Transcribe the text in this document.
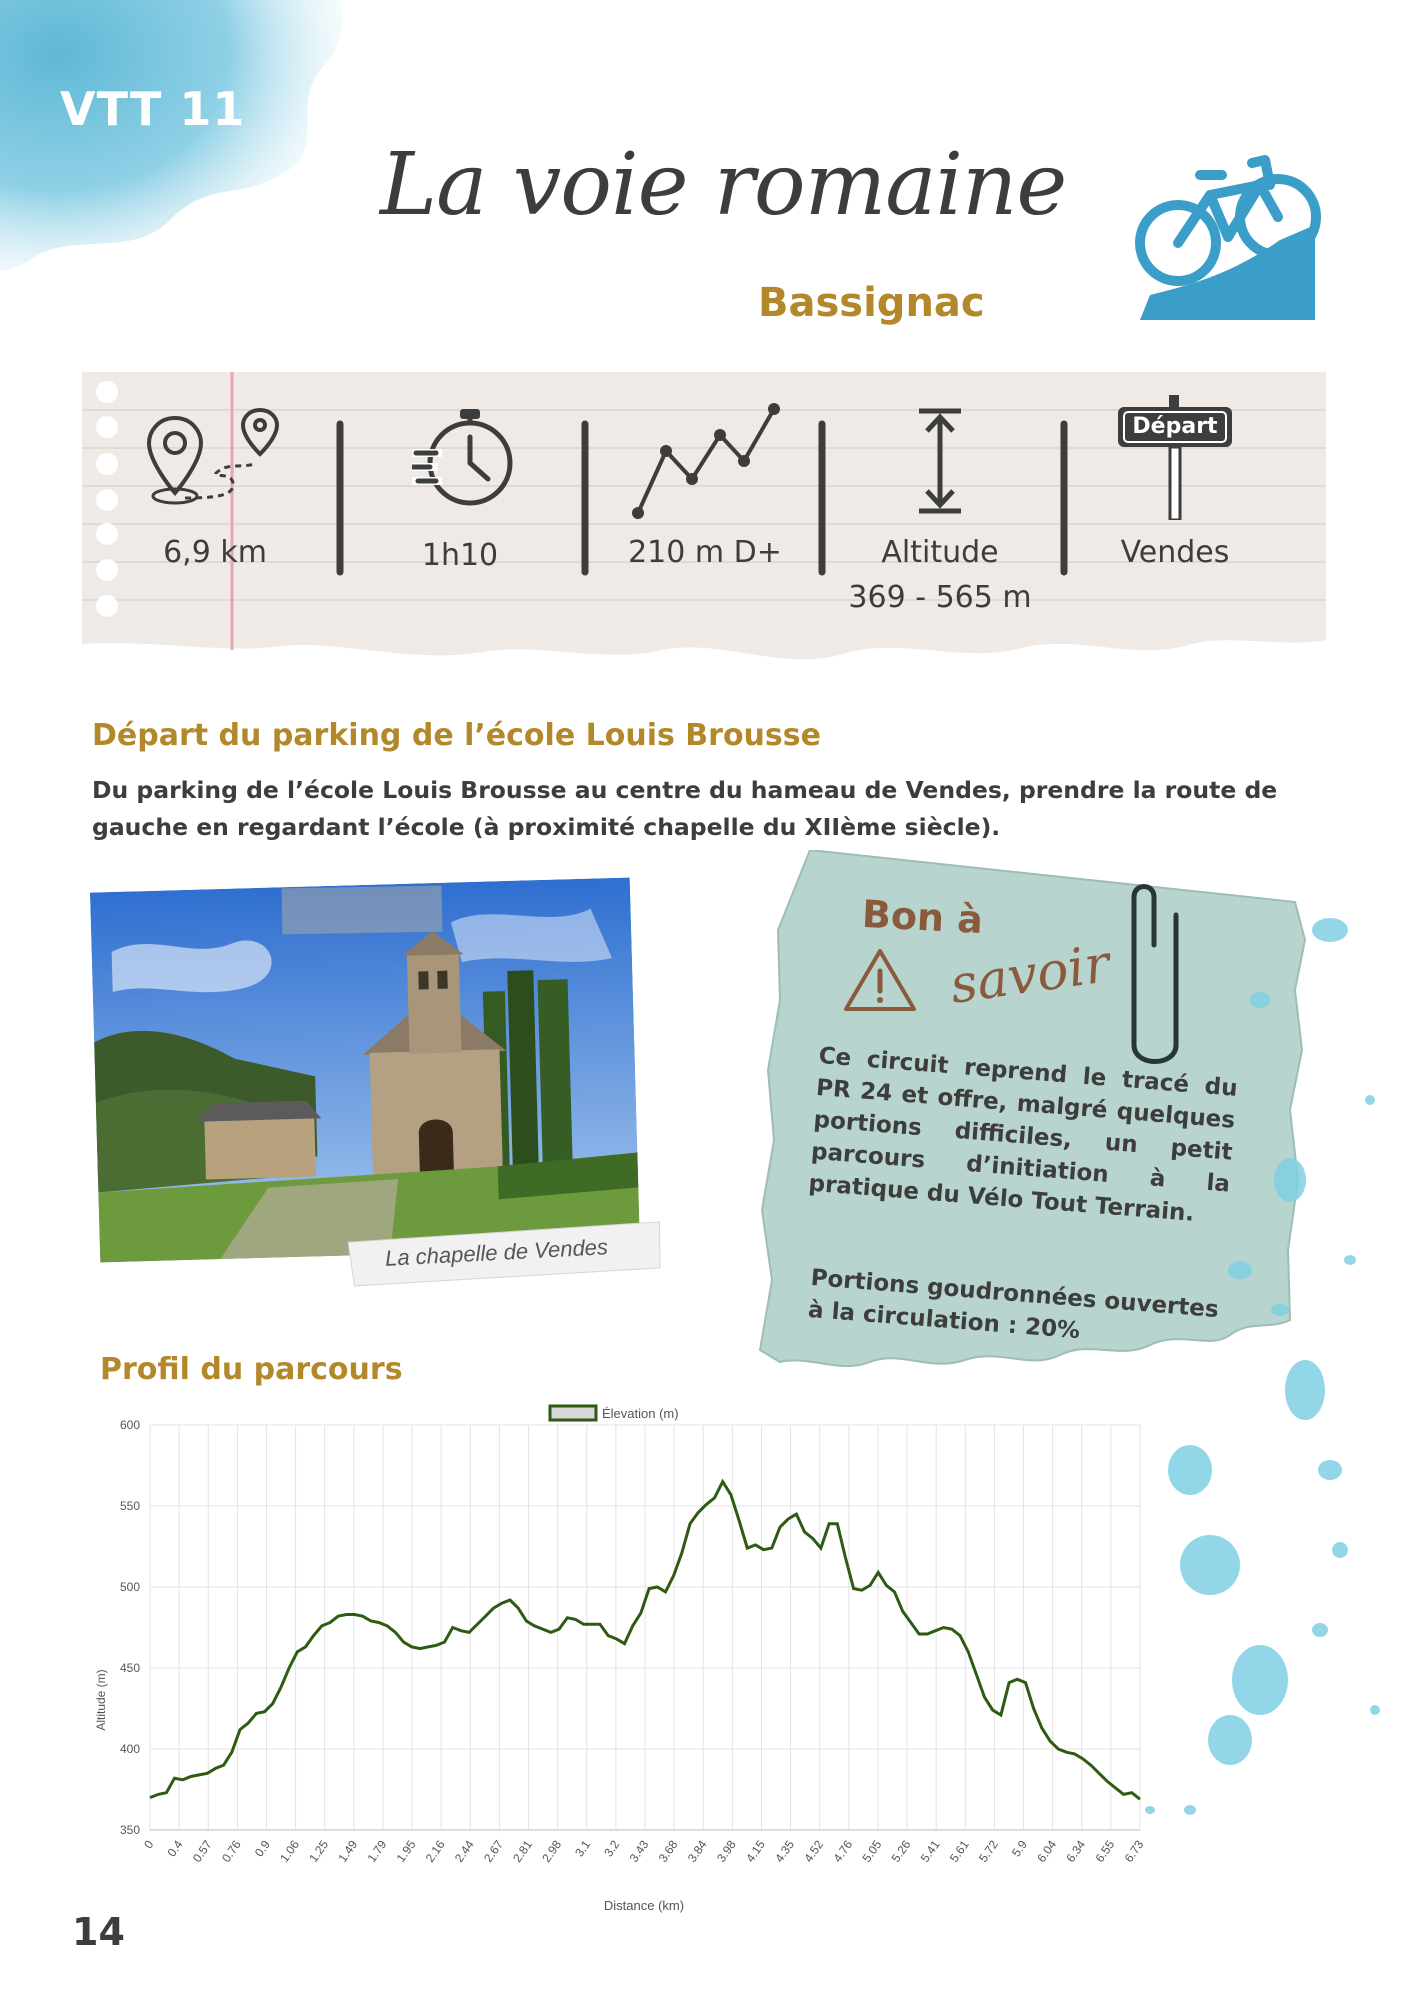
VTT 11
La voie romaine
Bassignac
6,9 km	1h10	210 m D+	Altitude
369 - 565 m
Départ
Vendes
Départ du parking de l’école Louis Brousse
Du parking de l’école Louis Brousse au centre du hameau de Vendes, prendre la route de gauche en regardant l’école (à proximité chapelle du XIIème siècle).
La chapelle de Vendes
Bon à
savoir
Ce circuit reprend le tracé du PR 24 et offre, malgré quelques portions difficiles, un petit parcours d’initiation à la pratique du Vélo Tout Terrain.
Portions goudronnées ouvertes à la circulation : 20%
Profil du parcours
350
400
450
500
550
600
0 0.4 0.57 0.76 0.9 1.06 1.25 1.49 1.79 1.95 2.16 2.44 2.67 2.81 2.98 3.1 3.2 3.43 3.68 3.84 3.98 4.15 4.35 4.52 4.76 5.05 5.26 5.41 5.61 5.72 5.9 6.04 6.34 6.55 6.73
Élevation (m)
Altitude (m)
Distance (km)
14
